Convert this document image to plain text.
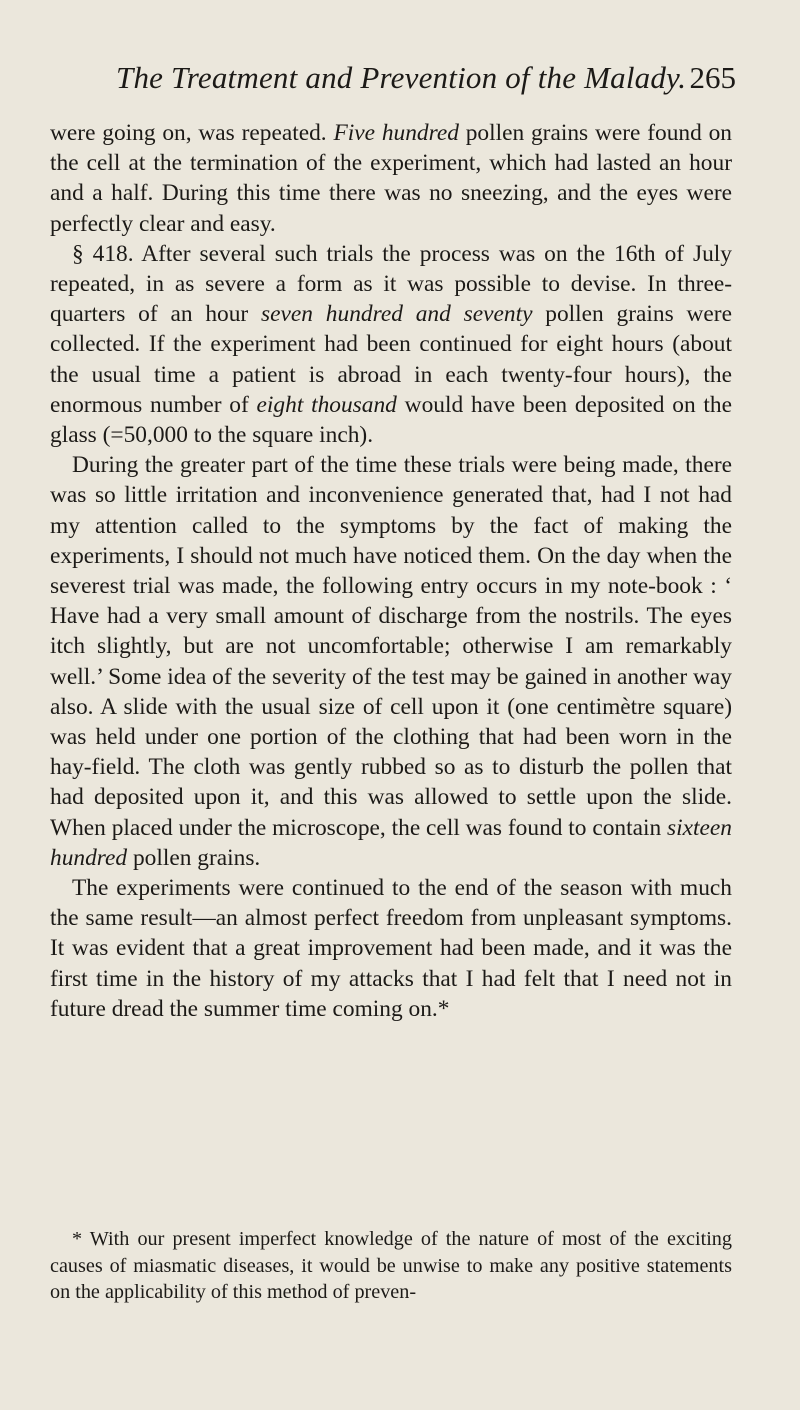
The Treatment and Prevention of the Malady. 265

were going on, was repeated. Five hundred pollen grains were found on the cell at the termination of the experiment, which had lasted an hour and a half. During this time there was no sneezing, and the eyes were perfectly clear and easy.

§ 418. After several such trials the process was on the 16th of July repeated, in as severe a form as it was possible to devise. In three-quarters of an hour seven hundred and seventy pollen grains were collected. If the experiment had been continued for eight hours (about the usual time a patient is abroad in each twenty-four hours), the enormous number of eight thousand would have been deposited on the glass (=50,000 to the square inch).

During the greater part of the time these trials were being made, there was so little irritation and inconvenience generated that, had I not had my attention called to the symptoms by the fact of making the experiments, I should not much have noticed them. On the day when the severest trial was made, the following entry occurs in my note-book : ‘ Have had a very small amount of discharge from the nostrils. The eyes itch slightly, but are not uncomfortable; otherwise I am remarkably well.’ Some idea of the severity of the test may be gained in another way also. A slide with the usual size of cell upon it (one centimètre square) was held under one portion of the clothing that had been worn in the hay-field. The cloth was gently rubbed so as to disturb the pollen that had deposited upon it, and this was allowed to settle upon the slide. When placed under the microscope, the cell was found to contain sixteen hundred pollen grains.

The experiments were continued to the end of the season with much the same result—an almost perfect freedom from unpleasant symptoms. It was evident that a great improvement had been made, and it was the first time in the history of my attacks that I had felt that I need not in future dread the summer time coming on.*

* With our present imperfect knowledge of the nature of most of the exciting causes of miasmatic diseases, it would be unwise to make any positive statements on the applicability of this method of preven-
